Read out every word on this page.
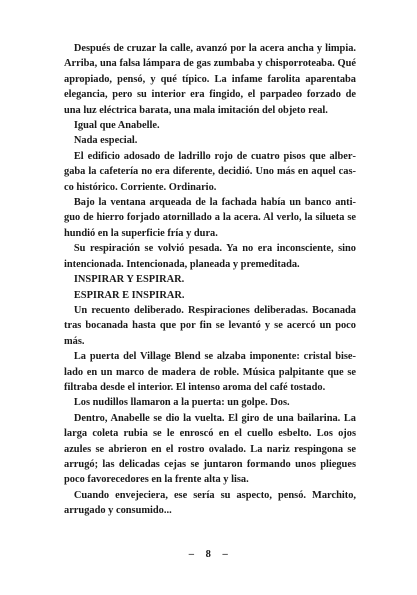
Después de cruzar la calle, avanzó por la acera ancha y limpia. Arriba, una falsa lámpara de gas zumbaba y chisporroteaba. Qué apropiado, pensó, y qué típico. La infame farolita aparentaba elegancia, pero su interior era fingido, el parpadeo forzado de una luz eléctrica barata, una mala imitación del objeto real.

Igual que Anabelle.

Nada especial.

El edificio adosado de ladrillo rojo de cuatro pisos que albergaba la cafetería no era diferente, decidió. Uno más en aquel casco histórico. Corriente. Ordinario.

Bajo la ventana arqueada de la fachada había un banco antiguo de hierro forjado atornillado a la acera. Al verlo, la silueta se hundió en la superficie fría y dura.

Su respiración se volvió pesada. Ya no era inconsciente, sino intencionada. Intencionada, planeada y premeditada.

INSPIRAR Y ESPIRAR.

ESPIRAR E INSPIRAR.

Un recuento deliberado. Respiraciones deliberadas. Bocanada tras bocanada hasta que por fin se levantó y se acercó un poco más.

La puerta del Village Blend se alzaba imponente: cristal biselado en un marco de madera de roble. Música palpitante que se filtraba desde el interior. El intenso aroma del café tostado.

Los nudillos llamaron a la puerta: un golpe. Dos.

Dentro, Anabelle se dio la vuelta. El giro de una bailarina. La larga coleta rubia se le enroscó en el cuello esbelto. Los ojos azules se abrieron en el rostro ovalado. La nariz respingona se arrugó; las delicadas cejas se juntaron formando unos pliegues poco favorecedores en la frente alta y lisa.

Cuando envejeciera, ese sería su aspecto, pensó. Marchito, arrugado y consumido...

– 8 –
